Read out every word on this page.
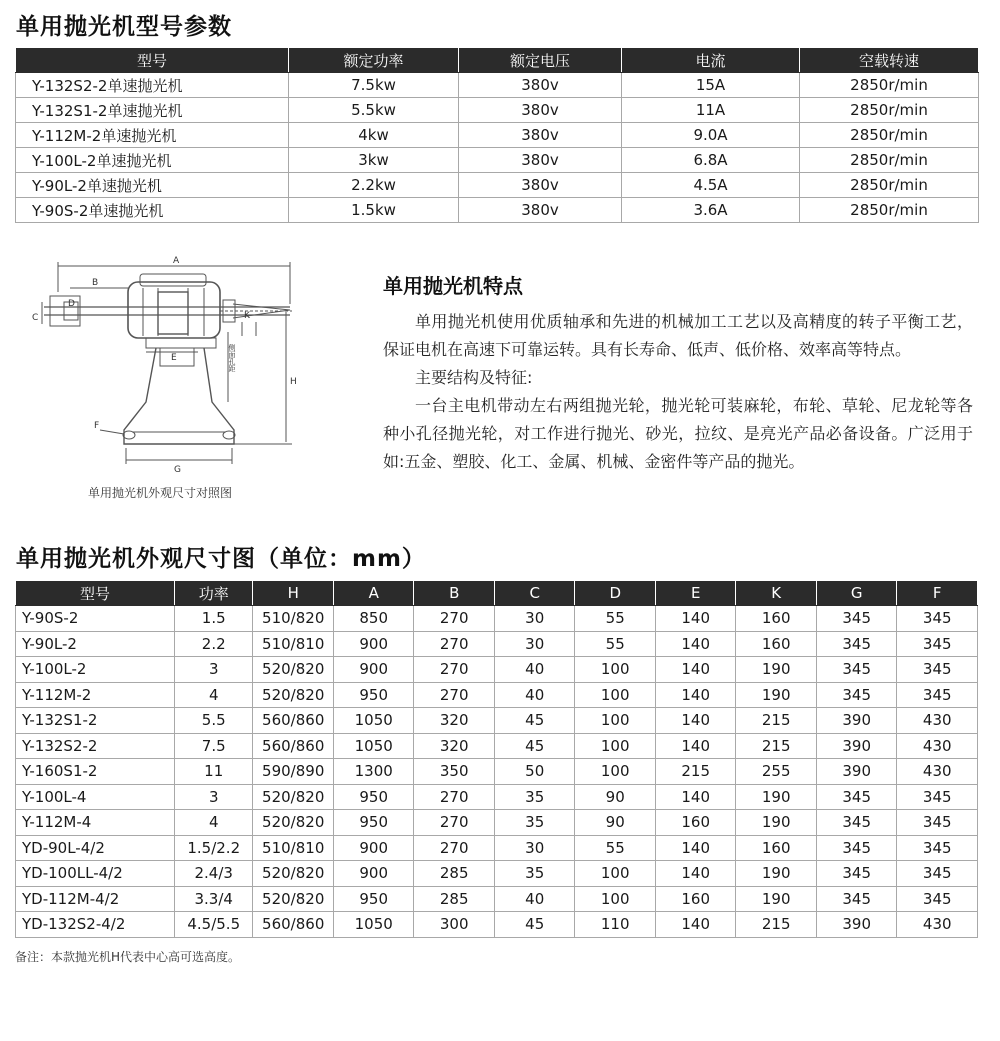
单用抛光机型号参数
型号	额定功率	额定电压	电流	空载转速
Y-132S2-2单速抛光机	7.5kw	380v	15A	2850r/min
Y-132S1-2单速抛光机	5.5kw	380v	11A	2850r/min
Y-112M-2单速抛光机	4kw	380v	9.0A	2850r/min
Y-100L-2单速抛光机	3kw	380v	6.8A	2850r/min
Y-90L-2单速抛光机	2.2kw	380v	4.5A	2850r/min
Y-90S-2单速抛光机	1.5kw	380v	3.6A	2850r/min
A
B
C
D
E
F
G
H
K
侧面孔距
单用抛光机外观尺寸对照图
单用抛光机特点

单用抛光机使用优质轴承和先进的机械加工工艺以及高精度的转子平衡工艺，保证电机在高速下可靠运转。具有长寿命、低声、低价格、效率高等特点。

主要结构及特征:

一台主电机带动左右两组抛光轮，抛光轮可装麻轮，布轮、草轮、尼龙轮等各种小孔径抛光轮，对工作进行抛光、砂光，拉纹、是亮光产品必备设备。广泛用于如:五金、塑胶、化工、金属、机械、金密件等产品的抛光。

单用抛光机外观尺寸图（单位：mm）
型号	功率	H	A	B	C	D	E	K	G	F
Y-90S-2	1.5	510/820	850	270	30	55	140	160	345	345
Y-90L-2	2.2	510/810	900	270	30	55	140	160	345	345
Y-100L-2	3	520/820	900	270	40	100	140	190	345	345
Y-112M-2	4	520/820	950	270	40	100	140	190	345	345
Y-132S1-2	5.5	560/860	1050	320	45	100	140	215	390	430
Y-132S2-2	7.5	560/860	1050	320	45	100	140	215	390	430
Y-160S1-2	11	590/890	1300	350	50	100	215	255	390	430
Y-100L-4	3	520/820	950	270	35	90	140	190	345	345
Y-112M-4	4	520/820	950	270	35	90	160	190	345	345
YD-90L-4/2	1.5/2.2	510/810	900	270	30	55	140	160	345	345
YD-100LL-4/2	2.4/3	520/820	900	285	35	100	140	190	345	345
YD-112M-4/2	3.3/4	520/820	950	285	40	100	160	190	345	345
YD-132S2-4/2	4.5/5.5	560/860	1050	300	45	110	140	215	390	430
备注：本款抛光机H代表中心高可选高度。
